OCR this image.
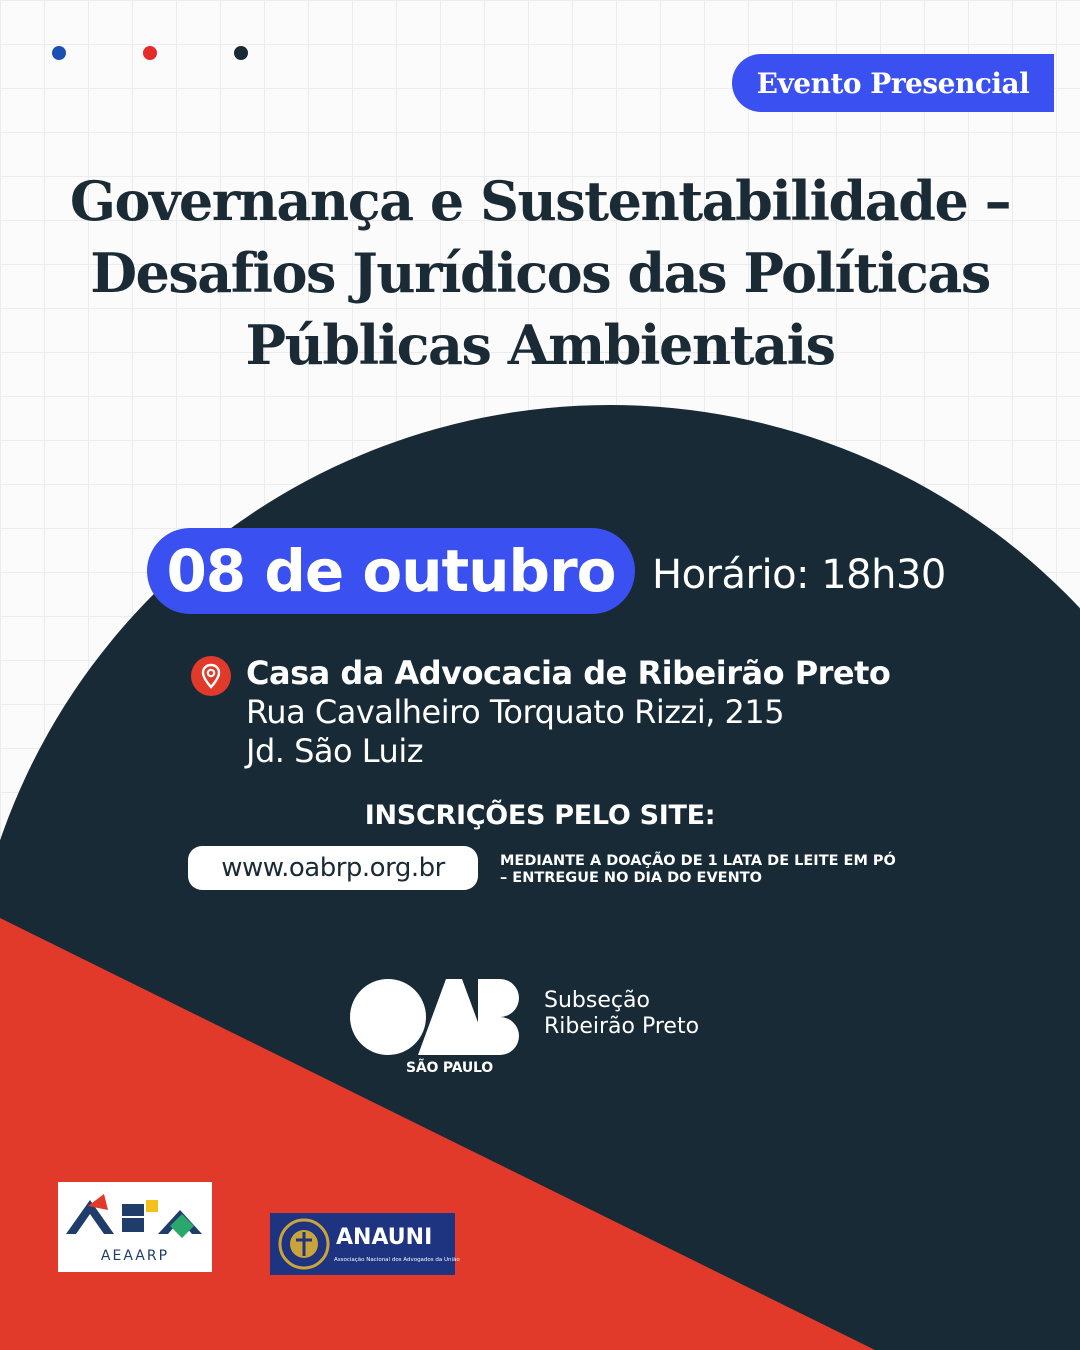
Evento Presencial
Governança e Sustentabilidade –
Desafios Jurídicos das Políticas
Públicas Ambientais
08 de outubro Horário: 18h30
Casa da Advocacia de Ribeirão Preto
Rua Cavalheiro Torquato Rizzi, 215
Jd. São Luiz
INSCRIÇÕES PELO SITE:
www.oabrp.org.br	MEDIANTE A DOAÇÃO DE 1 LATA DE LEITE EM PÓ
– ENTREGUE NO DIA DO EVENTO
SÃO PAULO
Subseção
Ribeirão Preto
AEAARP
ANAUNI
Associação Nacional dos Advogados da União
